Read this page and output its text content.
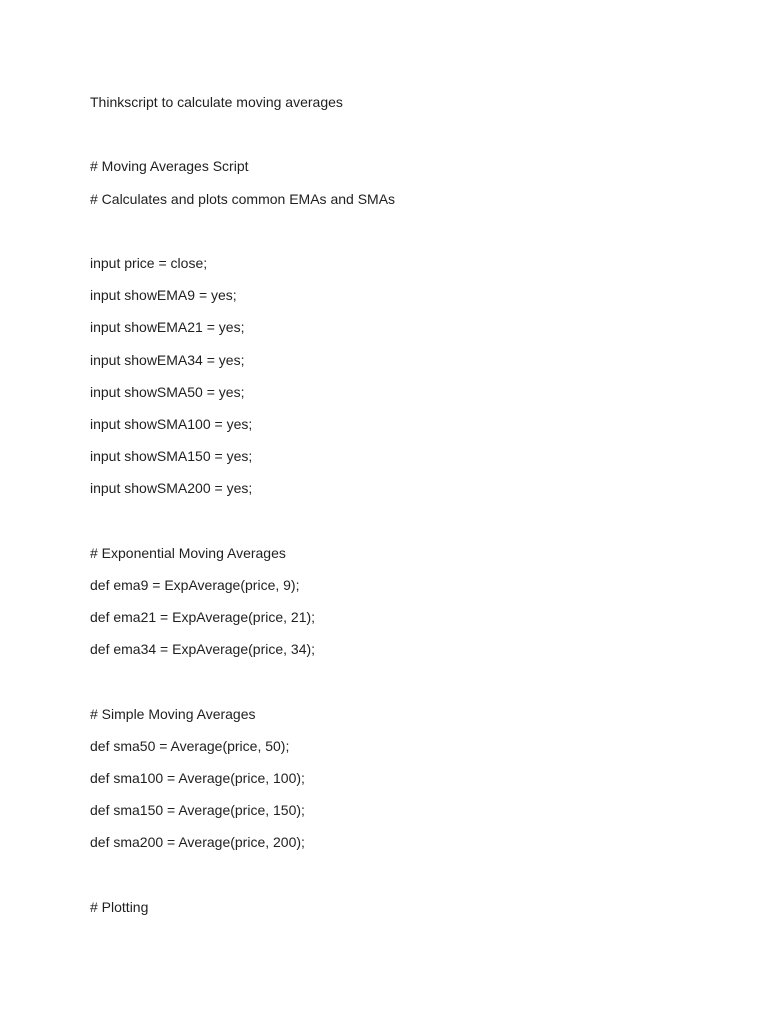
Thinkscript to calculate moving averages

# Moving Averages Script

# Calculates and plots common EMAs and SMAs

input price = close;

input showEMA9 = yes;

input showEMA21 = yes;

input showEMA34 = yes;

input showSMA50 = yes;

input showSMA100 = yes;

input showSMA150 = yes;

input showSMA200 = yes;

# Exponential Moving Averages

def ema9 = ExpAverage(price, 9);

def ema21 = ExpAverage(price, 21);

def ema34 = ExpAverage(price, 34);

# Simple Moving Averages

def sma50 = Average(price, 50);

def sma100 = Average(price, 100);

def sma150 = Average(price, 150);

def sma200 = Average(price, 200);

# Plotting
